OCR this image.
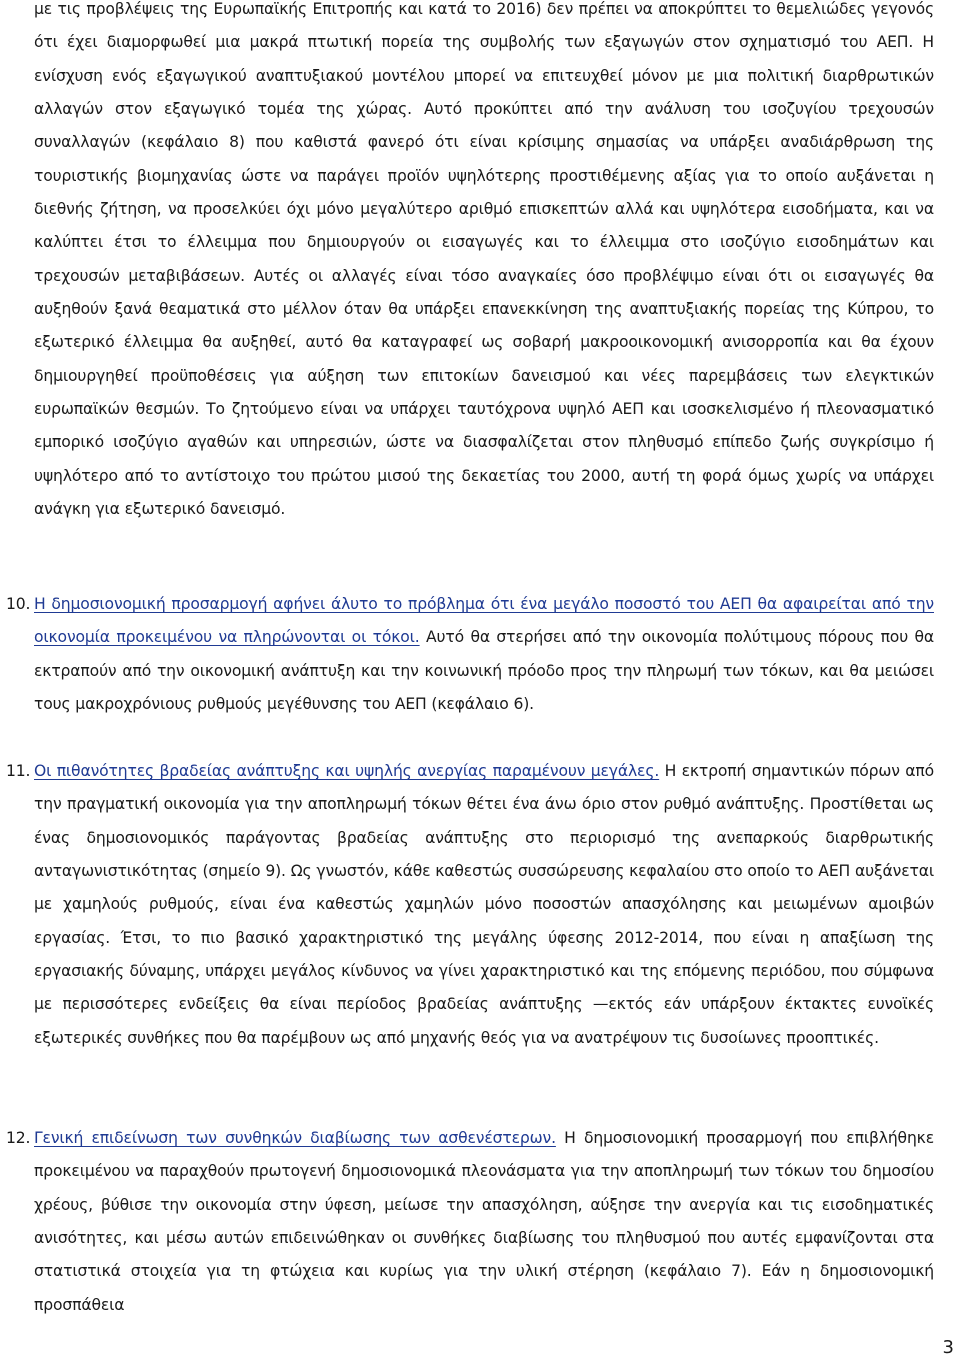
με τις προβλέψεις της Ευρωπαϊκής Επιτροπής και κατά το 2016) δεν πρέπει να αποκρύπτει το θεμελιώδες γεγονός ότι έχει διαμορφωθεί μια μακρά πτωτική πορεία της συμβολής των εξαγωγών στον σχηματισμό του ΑΕΠ. Η ενίσχυση ενός εξαγωγικού αναπτυξιακού μοντέλου μπορεί να επιτευχθεί μόνον με μια πολιτική διαρθρωτικών αλλαγών στον εξαγωγικό τομέα της χώρας. Αυτό προκύπτει από την ανάλυση του ισοζυγίου τρεχουσών συναλλαγών (κεφάλαιο 8) που καθιστά φανερό ότι είναι κρίσιμης σημασίας να υπάρξει αναδιάρθρωση της τουριστικής βιομηχανίας ώστε να παράγει προϊόν υψηλότερης προστιθέμενης αξίας για το οποίο αυξάνεται η διεθνής ζήτηση, να προσελκύει όχι μόνο μεγαλύτερο αριθμό επισκεπτών αλλά και υψηλότερα εισοδήματα, και να καλύπτει έτσι το έλλειμμα που δημιουργούν οι εισαγωγές και το έλλειμμα στο ισοζύγιο εισοδημάτων και τρεχουσών μεταβιβάσεων. Αυτές οι αλλαγές είναι τόσο αναγκαίες όσο προβλέψιμο είναι ότι οι εισαγωγές θα αυξηθούν ξανά θεαματικά στο μέλλον όταν θα υπάρξει επανεκκίνηση της αναπτυξιακής πορείας της Κύπρου, το εξωτερικό έλλειμμα θα αυξηθεί, αυτό θα καταγραφεί ως σοβαρή μακροοικονομική ανισορροπία και θα έχουν δημιουργηθεί προϋποθέσεις για αύξηση των επιτοκίων δανεισμού και νέες παρεμβάσεις των ελεγκτικών ευρωπαϊκών θεσμών. Το ζητούμενο είναι να υπάρχει ταυτόχρονα υψηλό ΑΕΠ και ισοσκελισμένο ή πλεονασματικό εμπορικό ισοζύγιο αγαθών και υπηρεσιών, ώστε να διασφαλίζεται στον πληθυσμό επίπεδο ζωής συγκρίσιμο ή υψηλότερο από το αντίστοιχο του πρώτου μισού της δεκαετίας του 2000, αυτή τη φορά όμως χωρίς να υπάρχει ανάγκη για εξωτερικό δανεισμό.
10. Η δημοσιονομική προσαρμογή αφήνει άλυτο το πρόβλημα ότι ένα μεγάλο ποσοστό του ΑΕΠ θα αφαιρείται από την οικονομία προκειμένου να πληρώνονται οι τόκοι. Αυτό θα στερήσει από την οικονομία πολύτιμους πόρους που θα εκτραπούν από την οικονομική ανάπτυξη και την κοινωνική πρόοδο προς την πληρωμή των τόκων, και θα μειώσει τους μακροχρόνιους ρυθμούς μεγέθυνσης του ΑΕΠ (κεφάλαιο 6).
11. Οι πιθανότητες βραδείας ανάπτυξης και υψηλής ανεργίας παραμένουν μεγάλες. Η εκτροπή σημαντικών πόρων από την πραγματική οικονομία για την αποπληρωμή τόκων θέτει ένα άνω όριο στον ρυθμό ανάπτυξης. Προστίθεται ως ένας δημοσιονομικός παράγοντας βραδείας ανάπτυξης στο περιορισμό της ανεπαρκούς διαρθρωτικής ανταγωνιστικότητας (σημείο 9). Ως γνωστόν, κάθε καθεστώς συσσώρευσης κεφαλαίου στο οποίο το ΑΕΠ αυξάνεται με χαμηλούς ρυθμούς, είναι ένα καθεστώς χαμηλών μόνο ποσοστών απασχόλησης και μειωμένων αμοιβών εργασίας. Έτσι, το πιο βασικό χαρακτηριστικό της μεγάλης ύφεσης 2012-2014, που είναι η απαξίωση της εργασιακής δύναμης, υπάρχει μεγάλος κίνδυνος να γίνει χαρακτηριστικό και της επόμενης περιόδου, που σύμφωνα με περισσότερες ενδείξεις θα είναι περίοδος βραδείας ανάπτυξης —εκτός εάν υπάρξουν έκτακτες ευνοϊκές εξωτερικές συνθήκες που θα παρέμβουν ως από μηχανής θεός για να ανατρέψουν τις δυσοίωνες προοπτικές.
12. Γενική επιδείνωση των συνθηκών διαβίωσης των ασθενέστερων. Η δημοσιονομική προσαρμογή που επιβλήθηκε προκειμένου να παραχθούν πρωτογενή δημοσιονομικά πλεονάσματα για την αποπληρωμή των τόκων του δημοσίου χρέους, βύθισε την οικονομία στην ύφεση, μείωσε την απασχόληση, αύξησε την ανεργία και τις εισοδηματικές ανισότητες, και μέσω αυτών επιδεινώθηκαν οι συνθήκες διαβίωσης του πληθυσμού που αυτές εμφανίζονται στα στατιστικά στοιχεία για τη φτώχεια και κυρίως για την υλική στέρηση (κεφάλαιο 7). Εάν η δημοσιονομική προσπάθεια
3
